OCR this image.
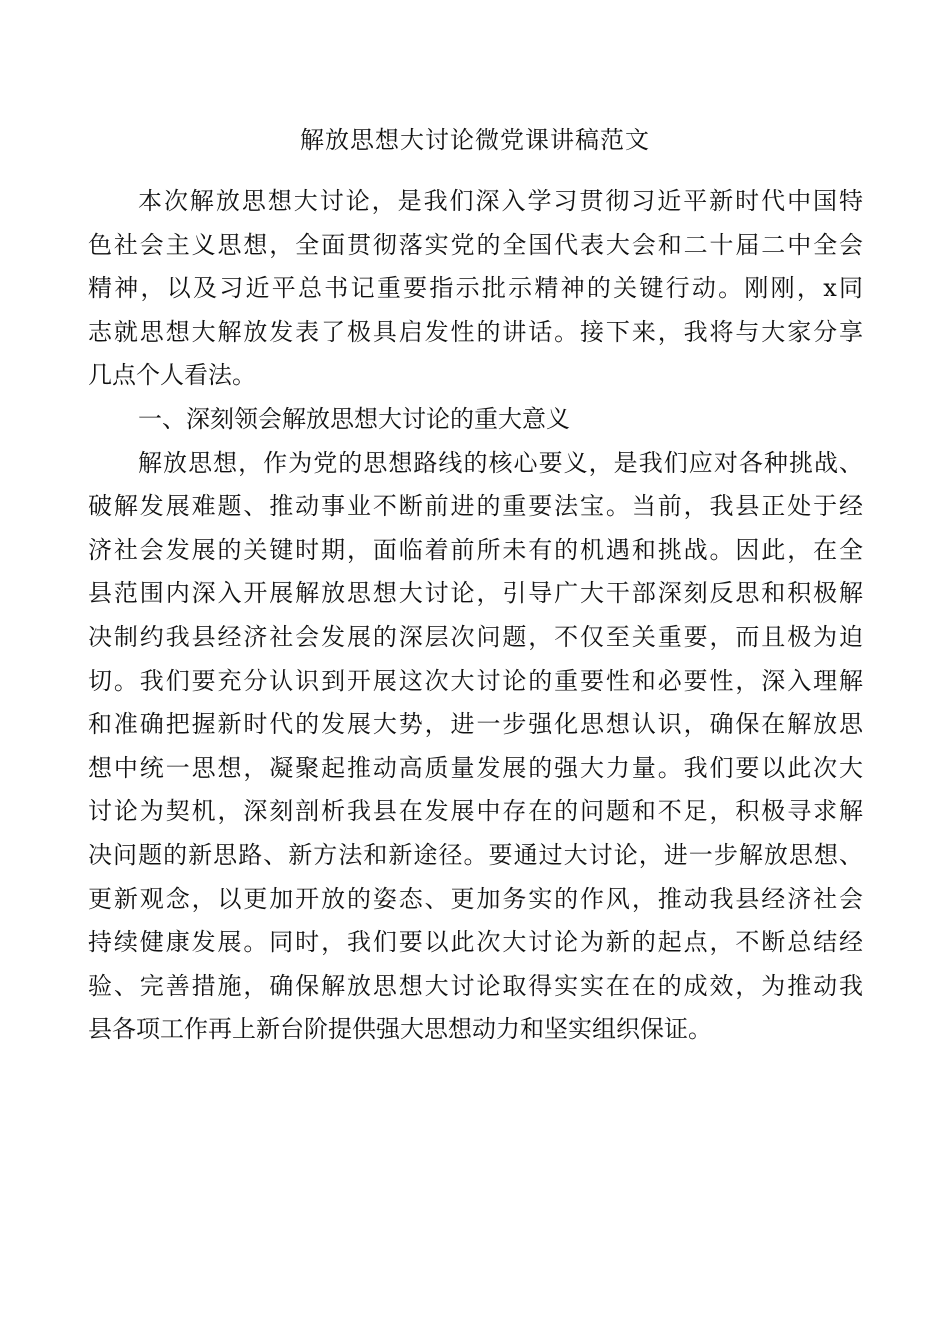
解放思想大讨论微党课讲稿范文
本次解放思想大讨论，是我们深入学习贯彻习近平新时代中国特
色社会主义思想，全面贯彻落实党的全国代表大会和二十届二中全会
精神，以及习近平总书记重要指示批示精神的关键行动。刚刚，x同
志就思想大解放发表了极具启发性的讲话。接下来，我将与大家分享
几点个人看法。
一、深刻领会解放思想大讨论的重大意义
解放思想，作为党的思想路线的核心要义，是我们应对各种挑战、
破解发展难题、推动事业不断前进的重要法宝。当前，我县正处于经
济社会发展的关键时期，面临着前所未有的机遇和挑战。因此，在全
县范围内深入开展解放思想大讨论，引导广大干部深刻反思和积极解
决制约我县经济社会发展的深层次问题，不仅至关重要，而且极为迫
切。我们要充分认识到开展这次大讨论的重要性和必要性，深入理解
和准确把握新时代的发展大势，进一步强化思想认识，确保在解放思
想中统一思想，凝聚起推动高质量发展的强大力量。我们要以此次大
讨论为契机，深刻剖析我县在发展中存在的问题和不足，积极寻求解
决问题的新思路、新方法和新途径。要通过大讨论，进一步解放思想、
更新观念，以更加开放的姿态、更加务实的作风，推动我县经济社会
持续健康发展。同时，我们要以此次大讨论为新的起点，不断总结经
验、完善措施，确保解放思想大讨论取得实实在在的成效，为推动我
县各项工作再上新台阶提供强大思想动力和坚实组织保证。
